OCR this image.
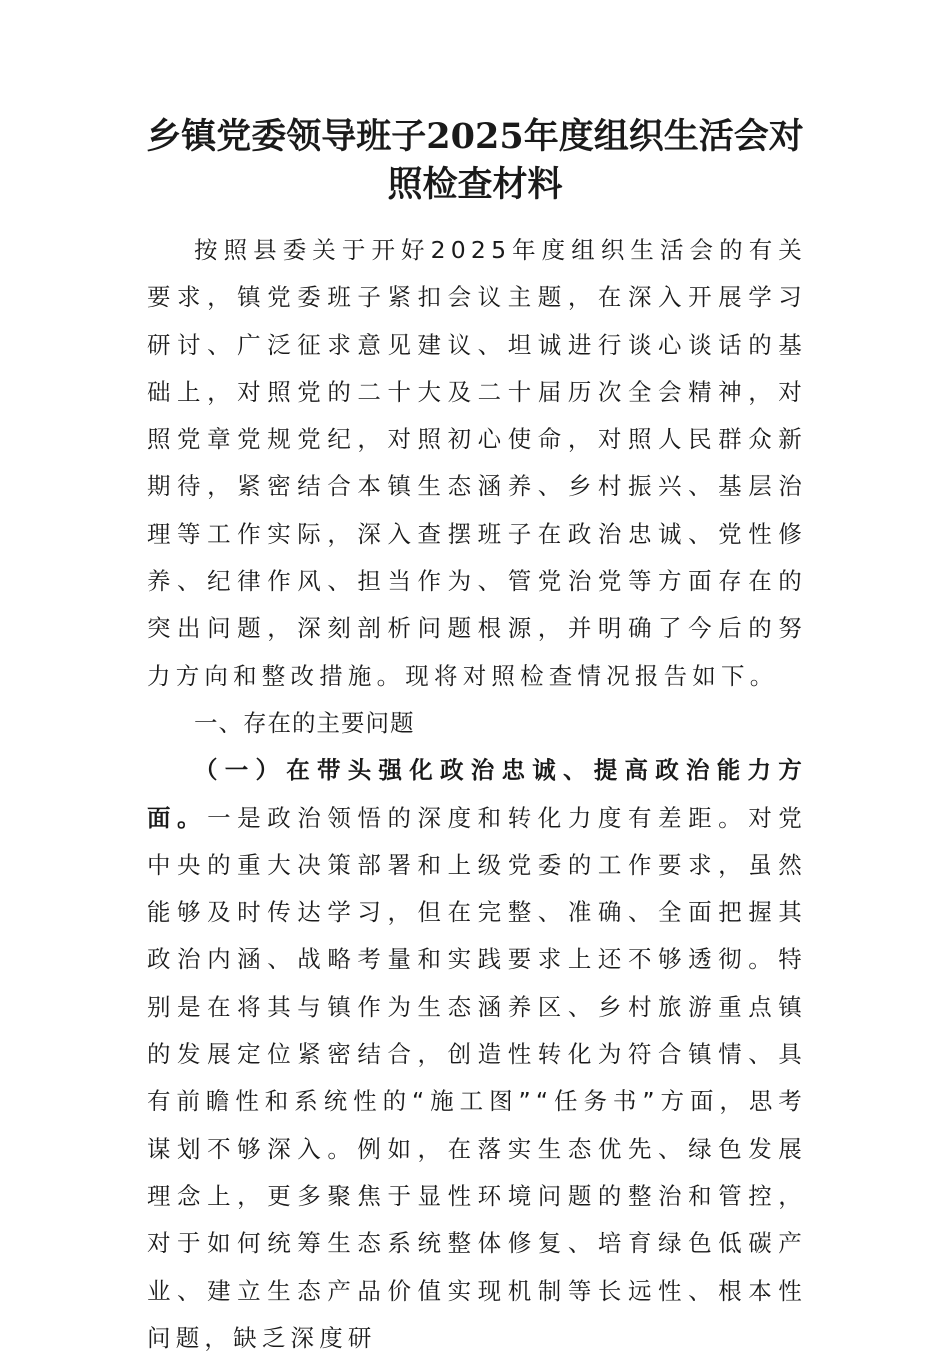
乡镇党委领导班子2025年度组织生活会对
照检查材料

按照县委关于开好2025年度组织生活会的有关要求，镇党委班子紧扣会议主题，在深入开展学习研讨、广泛征求意见建议、坦诚进行谈心谈话的基础上，对照党的二十大及二十届历次全会精神，对照党章党规党纪，对照初心使命，对照人民群众新期待，紧密结合本镇生态涵养、乡村振兴、基层治理等工作实际，深入查摆班子在政治忠诚、党性修养、纪律作风、担当作为、管党治党等方面存在的突出问题，深刻剖析问题根源，并明确了今后的努力方向和整改措施。现将对照检查情况报告如下。

一、存在的主要问题

（一）在带头强化政治忠诚、提高政治能力方面。一是政治领悟的深度和转化力度有差距。对党中央的重大决策部署和上级党委的工作要求，虽然能够及时传达学习，但在完整、准确、全面把握其政治内涵、战略考量和实践要求上还不够透彻。特别是在将其与镇作为生态涵养区、乡村旅游重点镇的发展定位紧密结合，创造性转化为符合镇情、具有前瞻性和系统性的“施工图”“任务书”方面，思考谋划不够深入。例如，在落实生态优先、绿色发展理念上，更多聚焦于显性环境问题的整治和管控，对于如何统筹生态系统整体修复、培育绿色低碳产业、建立生态产品价值实现机制等长远性、根本性问题，缺乏深度研
